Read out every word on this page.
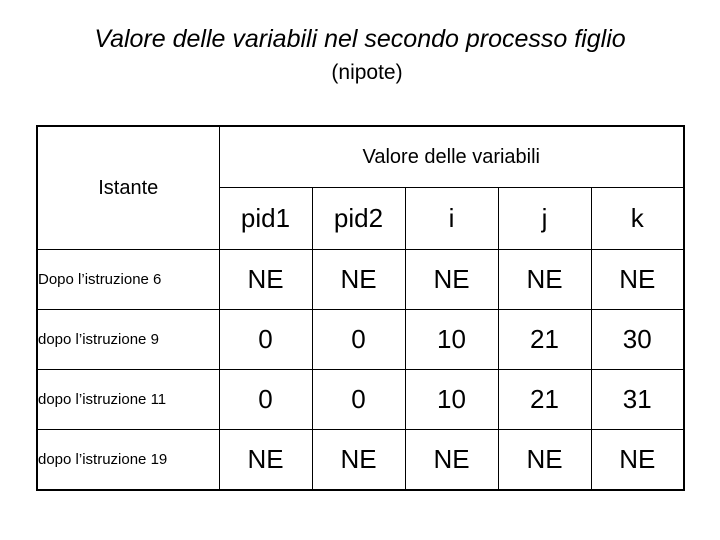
Valore delle variabili nel secondo processo figlio
(nipote)
Istante	Valore delle variabili				
	pid1	pid2	i	j	k
Dopo l’istruzione 6	NE	NE	NE	NE	NE
dopo l’istruzione 9	0	0	10	21	30
dopo l’istruzione 11	0	0	10	21	31
dopo l’istruzione 19	NE	NE	NE	NE	NE
